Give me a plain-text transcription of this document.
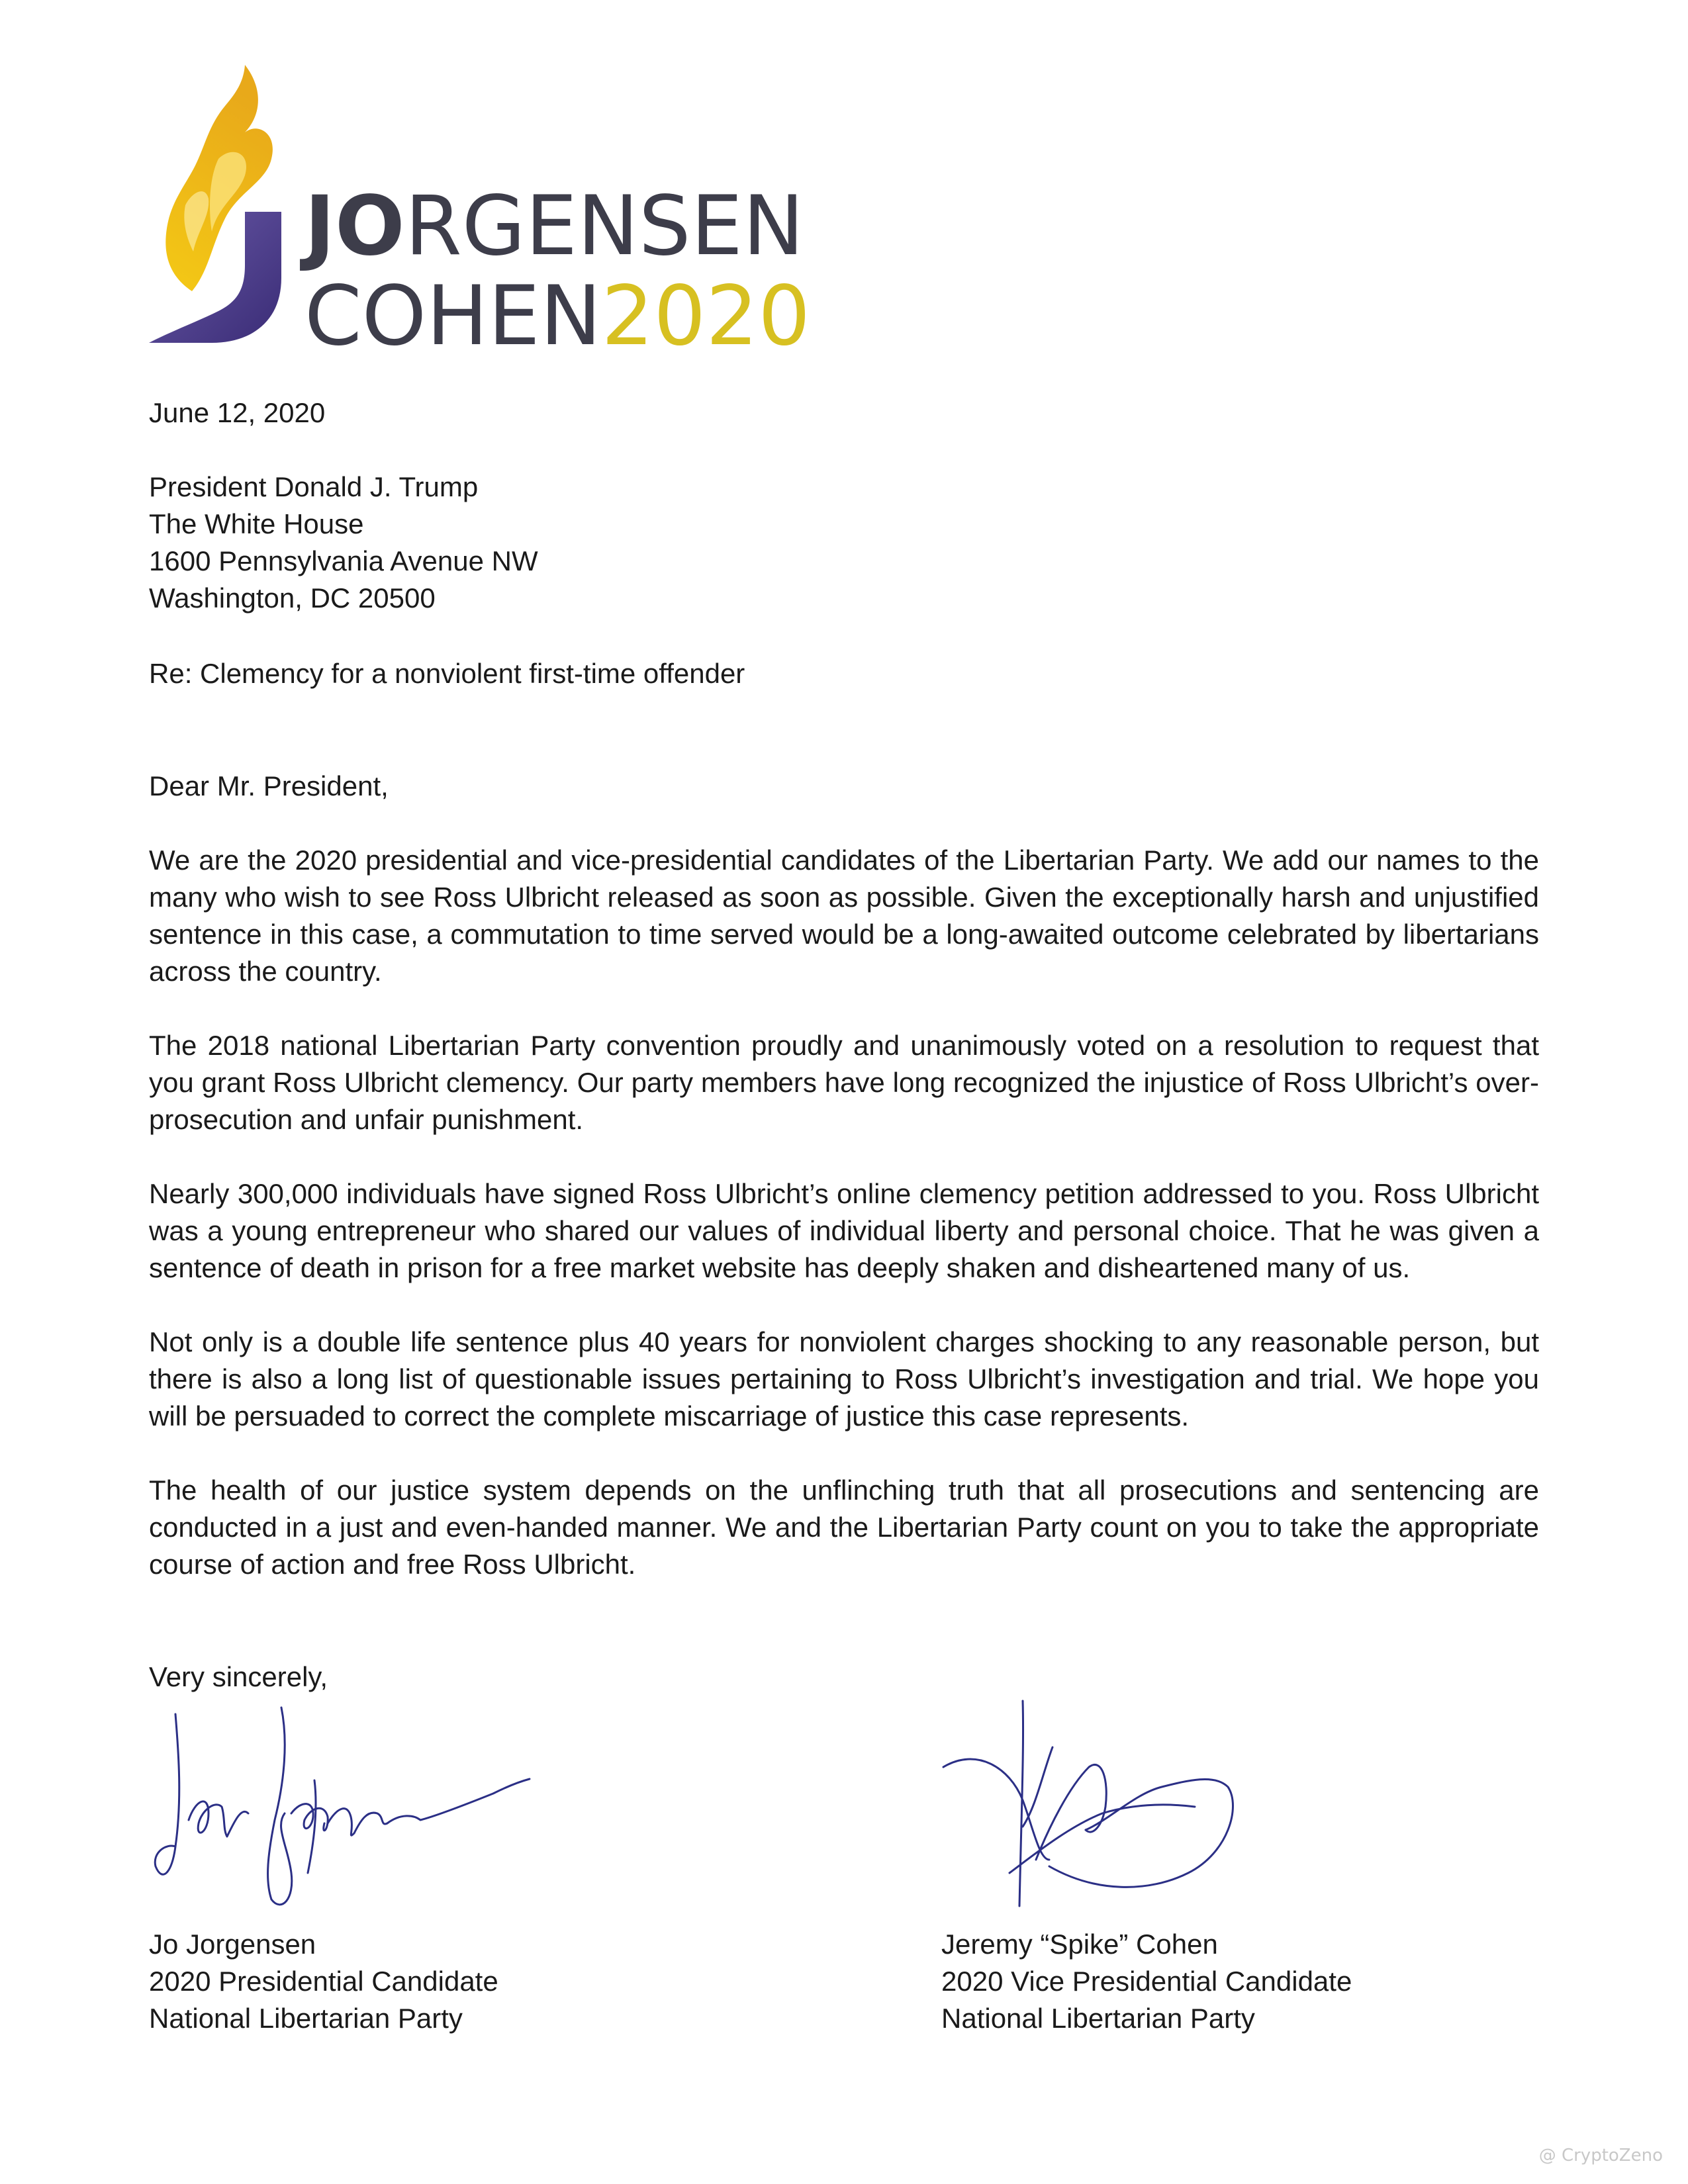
JORGENSEN
COHEN2020
June 12, 2020
President Donald J. Trump
The White House
1600 Pennsylvania Avenue NW
Washington, DC 20500
Re: Clemency for a nonviolent first-time offender
Dear Mr. President,
We are the 2020 presidential and vice-presidential candidates of the Libertarian Party. We add our names to the many who wish to see Ross Ulbricht released as soon as possible. Given the exceptionally harsh and unjustified sentence in this case, a commutation to time served would be a long-awaited outcome celebrated by libertarians across the country.
The 2018 national Libertarian Party convention proudly and unanimously voted on a resolution to request that you grant Ross Ulbricht clemency. Our party members have long recognized the injustice of Ross Ulbricht’s over-prosecution and unfair punishment.
Nearly 300,000 individuals have signed Ross Ulbricht’s online clemency petition addressed to you. Ross Ulbricht was a young entrepreneur who shared our values of individual liberty and personal choice. That he was given a sentence of death in prison for a free market website has deeply shaken and disheartened many of us.
Not only is a double life sentence plus 40 years for nonviolent charges shocking to any reasonable person, but there is also a long list of questionable issues pertaining to Ross Ulbricht’s investigation and trial. We hope you will be persuaded to correct the complete miscarriage of justice this case represents.
The health of our justice system depends on the unflinching truth that all prosecutions and sentencing are conducted in a just and even-handed manner. We and the Libertarian Party count on you to take the appropriate course of action and free Ross Ulbricht.
Very sincerely,
Jo Jorgensen
2020 Presidential Candidate
National Libertarian Party
Jeremy “Spike” Cohen
2020 Vice President‌ial Candidate
National Libertarian Party
@ CryptoZeno
